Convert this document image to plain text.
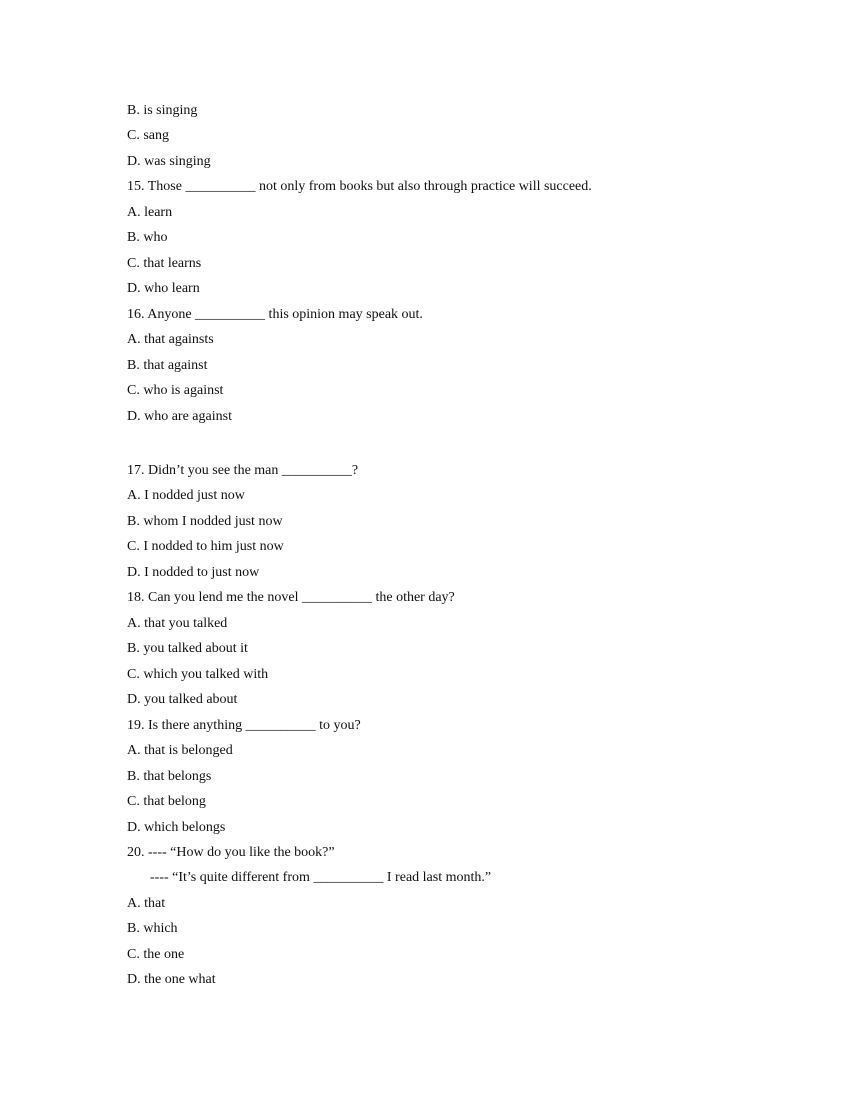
B. is singing
C. sang
D. was singing
15. Those __________ not only from books but also through practice will succeed.
A. learn
B. who
C. that learns
D. who learn
16. Anyone __________ this opinion may speak out.
A. that againsts
B. that against
C. who is against
D. who are against
17. Didn’t you see the man __________?
A. I nodded just now
B. whom I nodded just now
C. I nodded to him just now
D. I nodded to just now
18. Can you lend me the novel __________ the other day?
A. that you talked
B. you talked about it
C. which you talked with
D. you talked about
19. Is there anything __________ to you?
A. that is belonged
B. that belongs
C. that belong
D. which belongs
20. ---- “How do you like the book?”
---- “It’s quite different from __________ I read last month.”
A. that
B. which
C. the one
D. the one what
